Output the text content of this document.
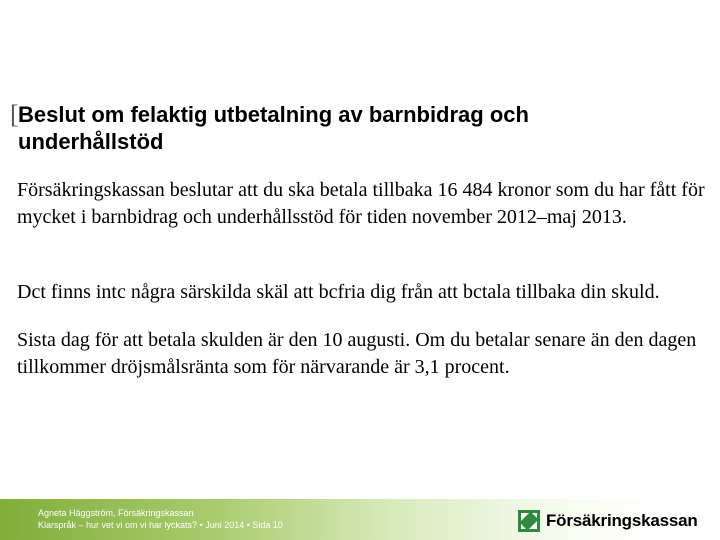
[ Beslut om felaktig utbetalning av barnbidrag och underhållstöd
Försäkringskassan beslutar att du ska betala tillbaka 16 484 kronor som du har fått för mycket i barnbidrag och underhållsstöd för tiden november 2012–maj 2013.
Dct finns intc några särskilda skäl att bcfria dig från att bctala tillbaka din skuld.
Sista dag för att betala skulden är den 10 augusti. Om du betalar senare än den dagen tillkommer dröjsmålsränta som för närvarande är 3,1 procent.
Agneta Häggström, Försäkringskassan
Klarspråk – hur vet vi om vi har lyckats? • Juni 2014 • Sida 10	Försäkringskassan
